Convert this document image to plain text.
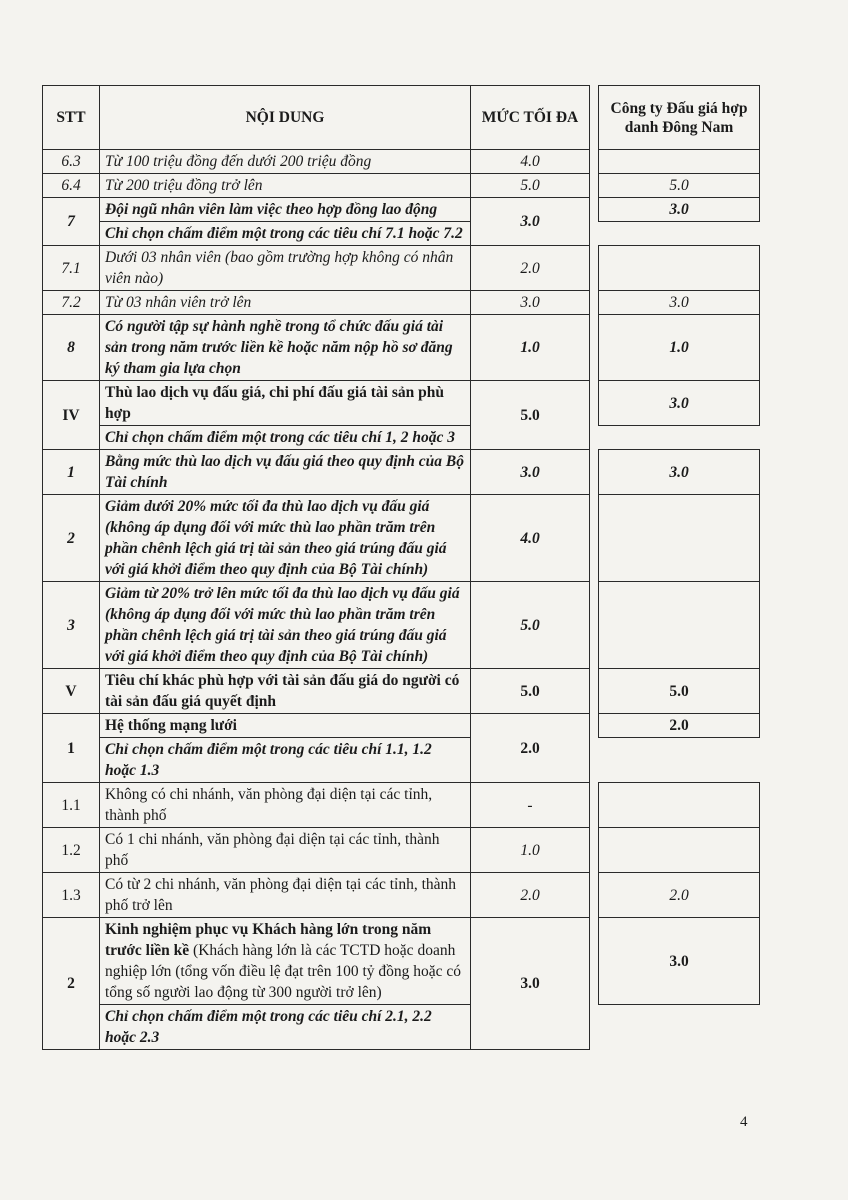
STT	NỘI DUNG	MỨC TỐI ĐA		Công ty Đấu giá hợp danh Đông Nam
6.3	Từ 100 triệu đồng đến dưới 200 triệu đồng	4.0		
6.4	Từ 200 triệu đồng trở lên	5.0		5.0
7	Đội ngũ nhân viên làm việc theo hợp đồng lao động	3.0		3.0
	Chỉ chọn chấm điểm một trong các tiêu chí 7.1 hoặc 7.2			
7.1	Dưới 03 nhân viên (bao gồm trường hợp không có nhân viên nào)	2.0		
7.2	Từ 03 nhân viên trở lên	3.0		3.0
8	Có người tập sự hành nghề trong tổ chức đấu giá tài sản trong năm trước liền kề hoặc năm nộp hồ sơ đăng ký tham gia lựa chọn	1.0		1.0
IV	Thù lao dịch vụ đấu giá, chi phí đấu giá tài sản phù hợp	5.0		3.0
	Chỉ chọn chấm điểm một trong các tiêu chí 1, 2 hoặc 3			
1	Bằng mức thù lao dịch vụ đấu giá theo quy định của Bộ Tài chính	3.0		3.0
2	Giảm dưới 20% mức tối đa thù lao dịch vụ đấu giá (không áp dụng đối với mức thù lao phần trăm trên phần chênh lệch giá trị tài sản theo giá trúng đấu giá với giá khởi điểm theo quy định của Bộ Tài chính)	4.0		
3	Giảm từ 20% trở lên mức tối đa thù lao dịch vụ đấu giá (không áp dụng đối với mức thù lao phần trăm trên phần chênh lệch giá trị tài sản theo giá trúng đấu giá với giá khởi điểm theo quy định của Bộ Tài chính)	5.0		
V	Tiêu chí khác phù hợp với tài sản đấu giá do người có tài sản đấu giá quyết định	5.0		5.0
1	Hệ thống mạng lưới	2.0		2.0
	Chỉ chọn chấm điểm một trong các tiêu chí 1.1, 1.2 hoặc 1.3			
1.1	Không có chi nhánh, văn phòng đại diện tại các tỉnh, thành phố	-		
1.2	Có 1 chi nhánh, văn phòng đại diện tại các tỉnh, thành phố	1.0		
1.3	Có từ 2 chi nhánh, văn phòng đại diện tại các tỉnh, thành phố trở lên	2.0		2.0
2	Kinh nghiệm phục vụ Khách hàng lớn trong năm trước liền kề (Khách hàng lớn là các TCTD hoặc doanh nghiệp lớn (tổng vốn điều lệ đạt trên 100 tỷ đồng hoặc có tổng số người lao động từ 300 người trở lên)	3.0		3.0
	Chỉ chọn chấm điểm một trong các tiêu chí 2.1, 2.2 hoặc 2.3			
4
